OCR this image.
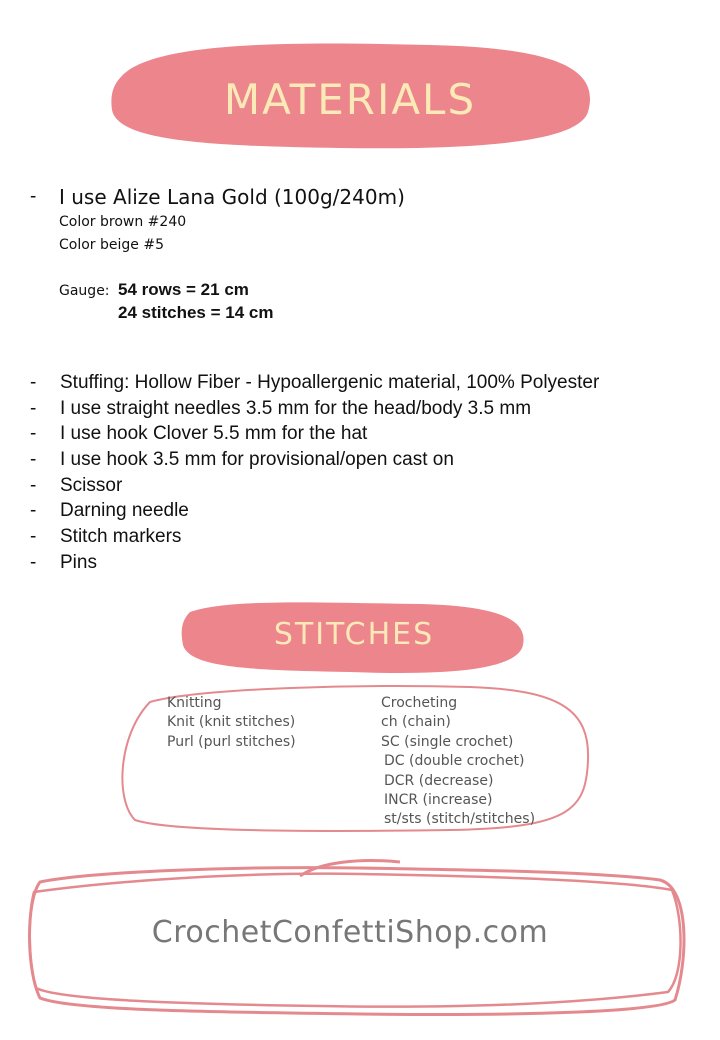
MATERIALS
- I use Alize Lana Gold (100g/240m)
Color brown #240
Color beige #5
Gauge: 54 rows = 21 cm
24 stitches = 14 cm
- Stuffing: Hollow Fiber - Hypoallergenic material, 100% Polyester
- I use straight needles 3.5 mm for the head/body 3.5 mm
- I use hook Clover 5.5 mm for the hat
- I use hook 3.5 mm for provisional/open cast on
- Scissor
- Darning needle
- Stitch markers
- Pins
STITCHES
Knitting
Knit (knit stitches)
Purl (purl stitches)
Crocheting
ch (chain)
SC (single crochet)
DC (double crochet)
DCR (decrease)
INCR (increase)
st/sts (stitch/stitches)
CrochetConfettiShop.com
